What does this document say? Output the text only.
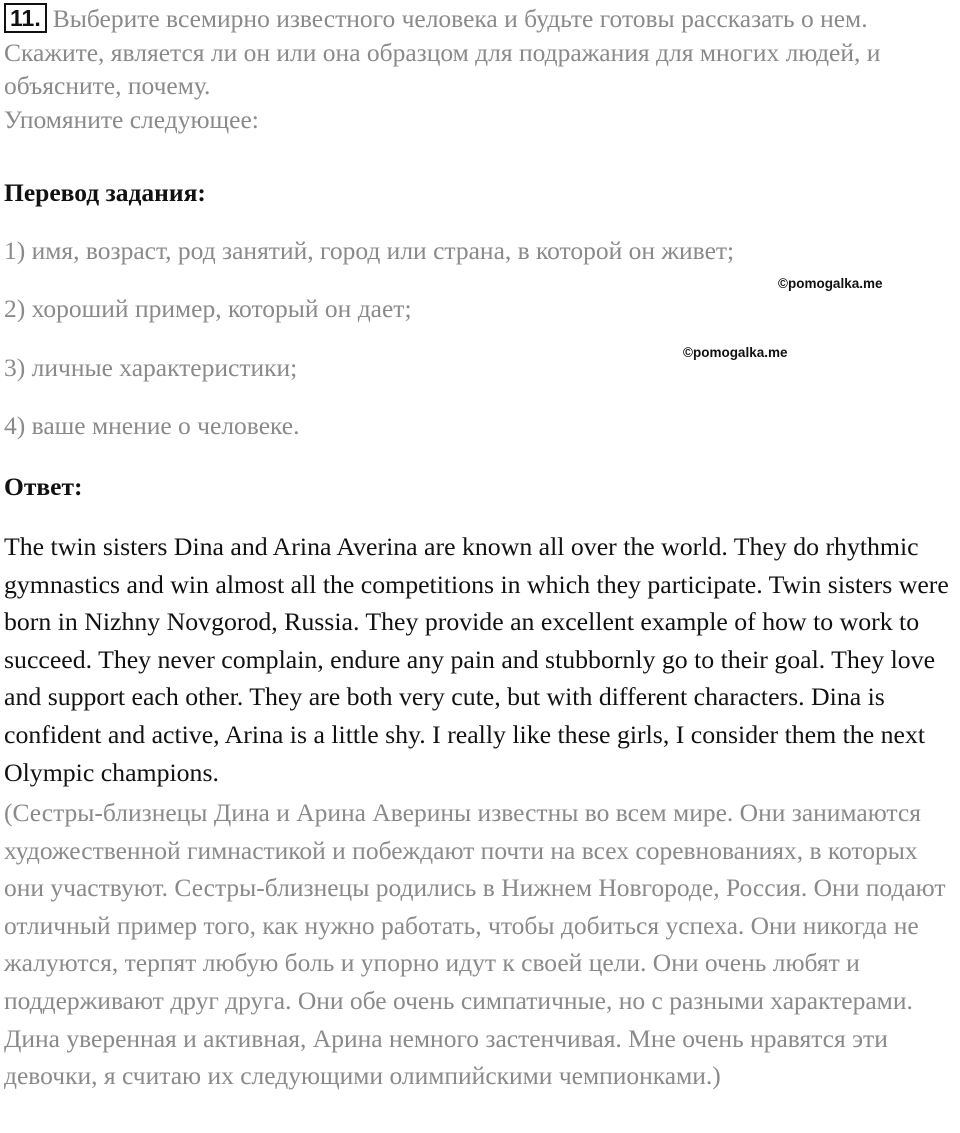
11. Выберите всемирно известного человека и будьте готовы рассказать о нем. Скажите, является ли он или она образцом для подражания для многих людей, и объясните, почему.
Упомяните следующее:
Перевод задания:
1) имя, возраст, род занятий, город или страна, в которой он живет;
2) хороший пример, который он дает;
3) личные характеристики;
4) ваше мнение о человеке.
©pomogalka.me
©pomogalka.me
Ответ:
The twin sisters Dina and Arina Averina are known all over the world. They do rhythmic gymnastics and win almost all the competitions in which they participate. Twin sisters were born in Nizhny Novgorod, Russia. They provide an excellent example of how to work to succeed. They never complain, endure any pain and stubbornly go to their goal. They love and support each other. They are both very cute, but with different characters. Dina is confident and active, Arina is a little shy. I really like these girls, I consider them the next Olympic champions.
(Сестры-близнецы Дина и Арина Аверины известны во всем мире. Они занимаются художественной гимнастикой и побеждают почти на всех соревнованиях, в которых они участвуют. Сестры-близнецы родились в Нижнем Новгороде, Россия. Они подают отличный пример того, как нужно работать, чтобы добиться успеха. Они никогда не жалуются, терпят любую боль и упорно идут к своей цели. Они очень любят и поддерживают друг друга. Они обе очень симпатичные, но с разными характерами. Дина уверенная и активная, Арина немного застенчивая. Мне очень нравятся эти девочки, я считаю их следующими олимпийскими чемпионками.)
